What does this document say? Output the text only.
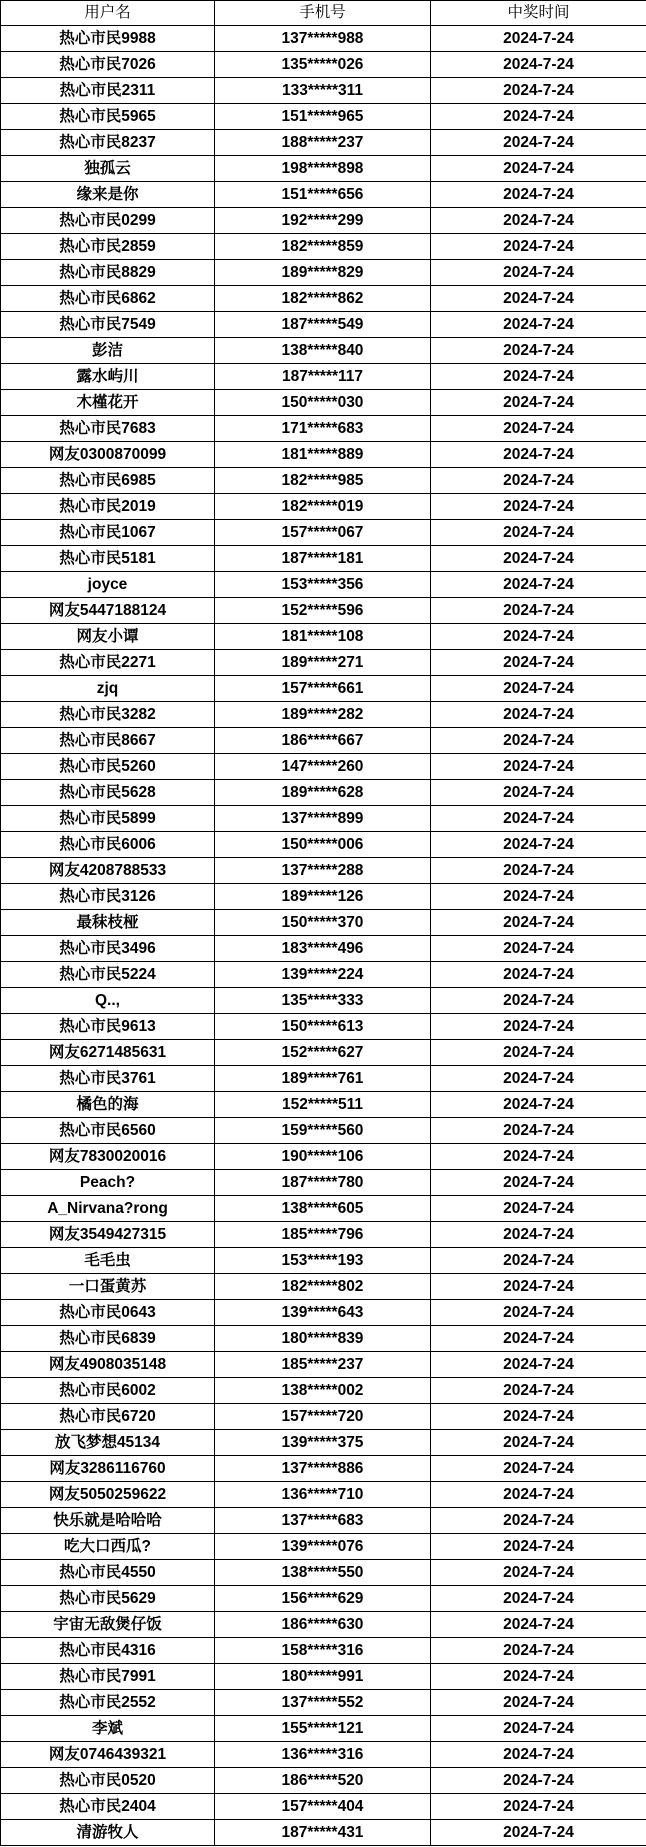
用户名	手机号	中奖时间
热心市民9988	137*****988	2024-7-24
热心市民7026	135*****026	2024-7-24
热心市民2311	133*****311	2024-7-24
热心市民5965	151*****965	2024-7-24
热心市民8237	188*****237	2024-7-24
独孤云	198*****898	2024-7-24
缘来是你	151*****656	2024-7-24
热心市民0299	192*****299	2024-7-24
热心市民2859	182*****859	2024-7-24
热心市民8829	189*****829	2024-7-24
热心市民6862	182*****862	2024-7-24
热心市民7549	187*****549	2024-7-24
彭洁	138*****840	2024-7-24
露水屿川	187*****117	2024-7-24
木槿花开	150*****030	2024-7-24
热心市民7683	171*****683	2024-7-24
网友0300870099	181*****889	2024-7-24
热心市民6985	182*****985	2024-7-24
热心市民2019	182*****019	2024-7-24
热心市民1067	157*****067	2024-7-24
热心市民5181	187*****181	2024-7-24
joyce	153*****356	2024-7-24
网友5447188124	152*****596	2024-7-24
网友小谭	181*****108	2024-7-24
热心市民2271	189*****271	2024-7-24
zjq	157*****661	2024-7-24
热心市民3282	189*****282	2024-7-24
热心市民8667	186*****667	2024-7-24
热心市民5260	147*****260	2024-7-24
热心市民5628	189*****628	2024-7-24
热心市民5899	137*****899	2024-7-24
热心市民6006	150*****006	2024-7-24
网友4208788533	137*****288	2024-7-24
热心市民3126	189*****126	2024-7-24
最秣枝桠	150*****370	2024-7-24
热心市民3496	183*****496	2024-7-24
热心市民5224	139*****224	2024-7-24
Q..,	135*****333	2024-7-24
热心市民9613	150*****613	2024-7-24
网友6271485631	152*****627	2024-7-24
热心市民3761	189*****761	2024-7-24
橘色的海	152*****511	2024-7-24
热心市民6560	159*****560	2024-7-24
网友7830020016	190*****106	2024-7-24
Peach?	187*****780	2024-7-24
A_Nirvana?rong	138*****605	2024-7-24
网友3549427315	185*****796	2024-7-24
毛毛虫	153*****193	2024-7-24
一口蛋黄苏	182*****802	2024-7-24
热心市民0643	139*****643	2024-7-24
热心市民6839	180*****839	2024-7-24
网友4908035148	185*****237	2024-7-24
热心市民6002	138*****002	2024-7-24
热心市民6720	157*****720	2024-7-24
放飞梦想45134	139*****375	2024-7-24
网友3286116760	137*****886	2024-7-24
网友5050259622	136*****710	2024-7-24
快乐就是哈哈哈	137*****683	2024-7-24
吃大口西瓜?	139*****076	2024-7-24
热心市民4550	138*****550	2024-7-24
热心市民5629	156*****629	2024-7-24
宇宙无敌煲仔饭	186*****630	2024-7-24
热心市民4316	158*****316	2024-7-24
热心市民7991	180*****991	2024-7-24
热心市民2552	137*****552	2024-7-24
李斌	155*****121	2024-7-24
网友0746439321	136*****316	2024-7-24
热心市民0520	186*****520	2024-7-24
热心市民2404	157*****404	2024-7-24
清游牧人	187*****431	2024-7-24
